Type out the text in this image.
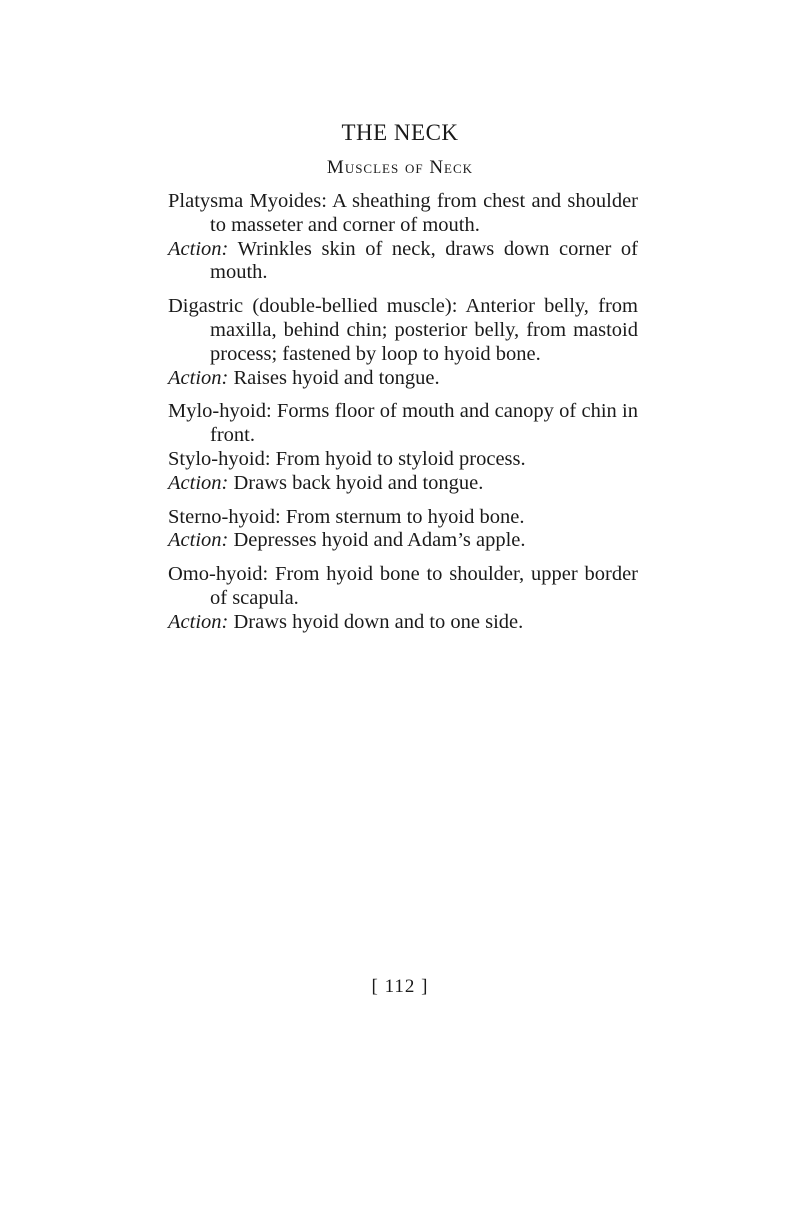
THE NECK
Muscles of Neck

Platysma Myoides: A sheathing from chest and shoulder to masseter and corner of mouth.

Action: Wrinkles skin of neck, draws down corner of mouth.

Digastric (double-bellied muscle): Anterior belly, from maxilla, behind chin; posterior belly, from mastoid process; fastened by loop to hyoid bone.

Action: Raises hyoid and tongue.

Mylo-hyoid: Forms floor of mouth and canopy of chin in front.

Stylo-hyoid: From hyoid to styloid process.

Action: Draws back hyoid and tongue.

Sterno-hyoid: From sternum to hyoid bone.

Action: Depresses hyoid and Adam’s apple.

Omo-hyoid: From hyoid bone to shoulder, upper border of scapula.

Action: Draws hyoid down and to one side.

[ 112 ]
